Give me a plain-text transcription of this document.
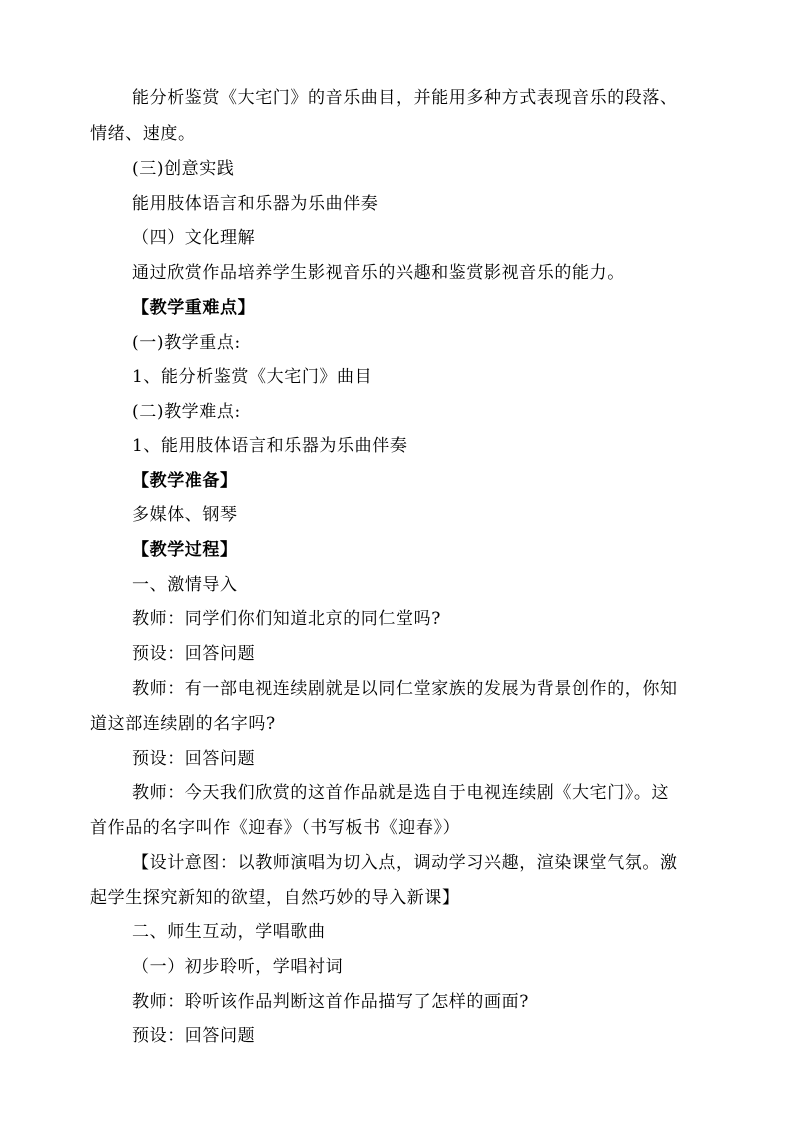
能分析鉴赏《大宅门》的音乐曲目，并能用多种方式表现音乐的段落、
情绪、速度。
(三)创意实践
能用肢体语言和乐器为乐曲伴奏
（四）文化理解
通过欣赏作品培养学生影视音乐的兴趣和鉴赏影视音乐的能力。
【教学重难点】
(一)教学重点:
1、能分析鉴赏《大宅门》曲目
(二)教学难点:
1、能用肢体语言和乐器为乐曲伴奏
【教学准备】
多媒体、钢琴
【教学过程】
一、激情导入
教师：同学们你们知道北京的同仁堂吗?
预设：回答问题
教师：有一部电视连续剧就是以同仁堂家族的发展为背景创作的，你知
道这部连续剧的名字吗?
预设：回答问题
教师：今天我们欣赏的这首作品就是选自于电视连续剧《大宅门》。这
首作品的名字叫作《迎春》（书写板书《迎春》）
【设计意图：以教师演唱为切入点，调动学习兴趣，渲染课堂气氛。激
起学生探究新知的欲望，自然巧妙的导入新课】
二、师生互动，学唱歌曲
（一）初步聆听，学唱衬词
教师：聆听该作品判断这首作品描写了怎样的画面?
预设：回答问题
